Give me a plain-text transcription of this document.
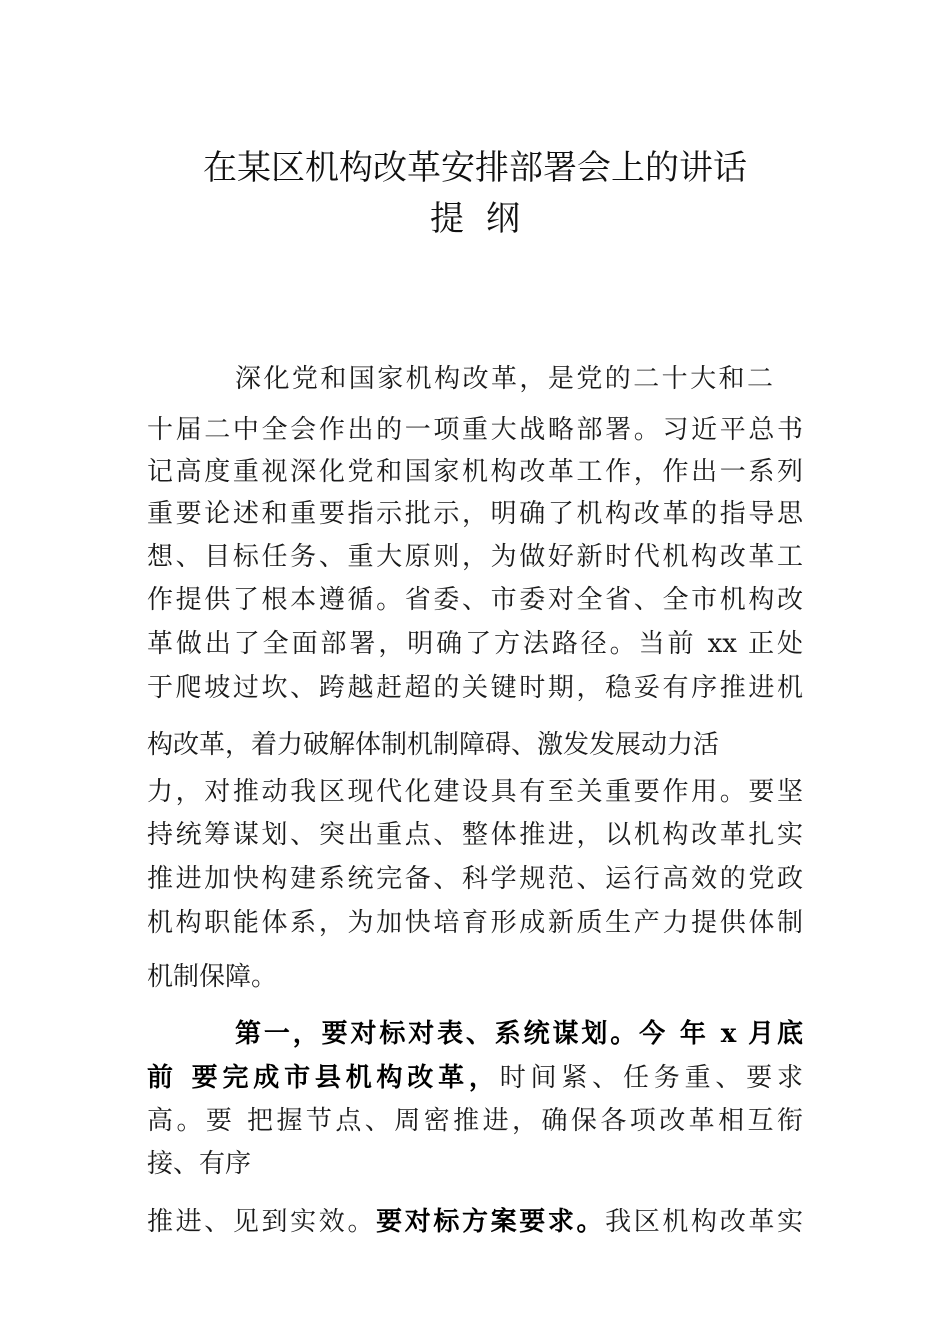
在某区机构改革安排部署会上的讲话
提纲
深化党和国家机构改革，是党的二十大和二
十届二中全会作出的一项重大战略部署。习近平总书
记高度重视深化党和国家机构改革工作，作出一系列
重要论述和重要指示批示，明确了机构改革的指导思
想、目标任务、重大原则，为做好新时代机构改革工
作提供了根本遵循。省委、市委对全省、全市机构改
革做出了全面部署，明确了方法路径。当前 xx 正处
于爬坡过坎、跨越赶超的关键时期，稳妥有序推进机
构改革，着力破解体制机制障碍、激发发展动力活
力，对推动我区现代化建设具有至关重要作用。要坚
持统筹谋划、突出重点、整体推进，以机构改革扎实
推进加快构建系统完备、科学规范、运行高效的党政
机构职能体系，为加快培育形成新质生产力提供体制
机制保障。
第一，要对标对表、系统谋划。今 年 x 月底
前 要完成市县机构改革，时间紧、任务重、要求
高。要 把握节点、周密推进，确保各项改革相互衔
接、有序
推进、见到实效。要对标方案要求。我区机构改革实
